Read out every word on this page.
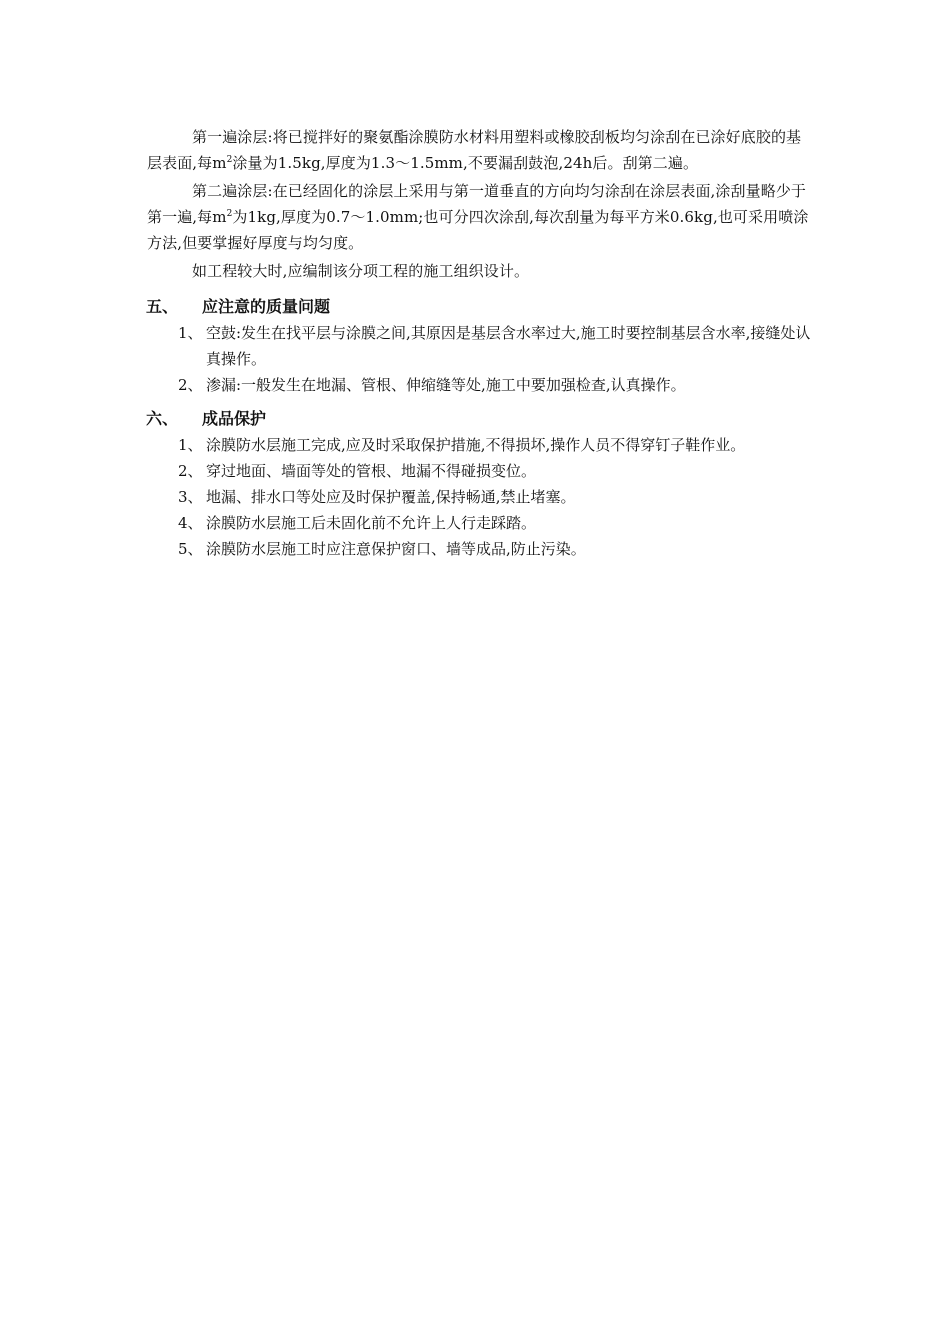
第一遍涂层:将已搅拌好的聚氨酯涂膜防水材料用塑料或橡胶刮板均匀涂刮在已涂好底胶的基层表面,每$m^2$涂量为1.5kg,厚度为1.3～1.5mm,不要漏刮鼓泡,24h后。刮第二遍。
第二遍涂层:在已经固化的涂层上采用与第一道垂直的方向均匀涂刮在涂层表面,涂刮量略少于第一遍,每$m^2$为1kg,厚度为0.7～1.0mm;也可分四次涂刮,每次刮量为每平方米0.6kg,也可采用喷涂方法,但要掌握好厚度与均匀度。
如工程较大时,应编制该分项工程的施工组织设计。
五、 应注意的质量问题
1、 空鼓:发生在找平层与涂膜之间,其原因是基层含水率过大,施工时要控制基层含水率,接缝处认真操作。
2、 渗漏:一般发生在地漏、管根、伸缩缝等处,施工中要加强检查,认真操作。
六、 成品保护
1、 涂膜防水层施工完成,应及时采取保护措施,不得损坏,操作人员不得穿钉子鞋作业。
2、 穿过地面、墙面等处的管根、地漏不得碰损变位。
3、 地漏、排水口等处应及时保护覆盖,保持畅通,禁止堵塞。
4、 涂膜防水层施工后未固化前不允许上人行走踩踏。
5、 涂膜防水层施工时应注意保护窗口、墙等成品,防止污染。
